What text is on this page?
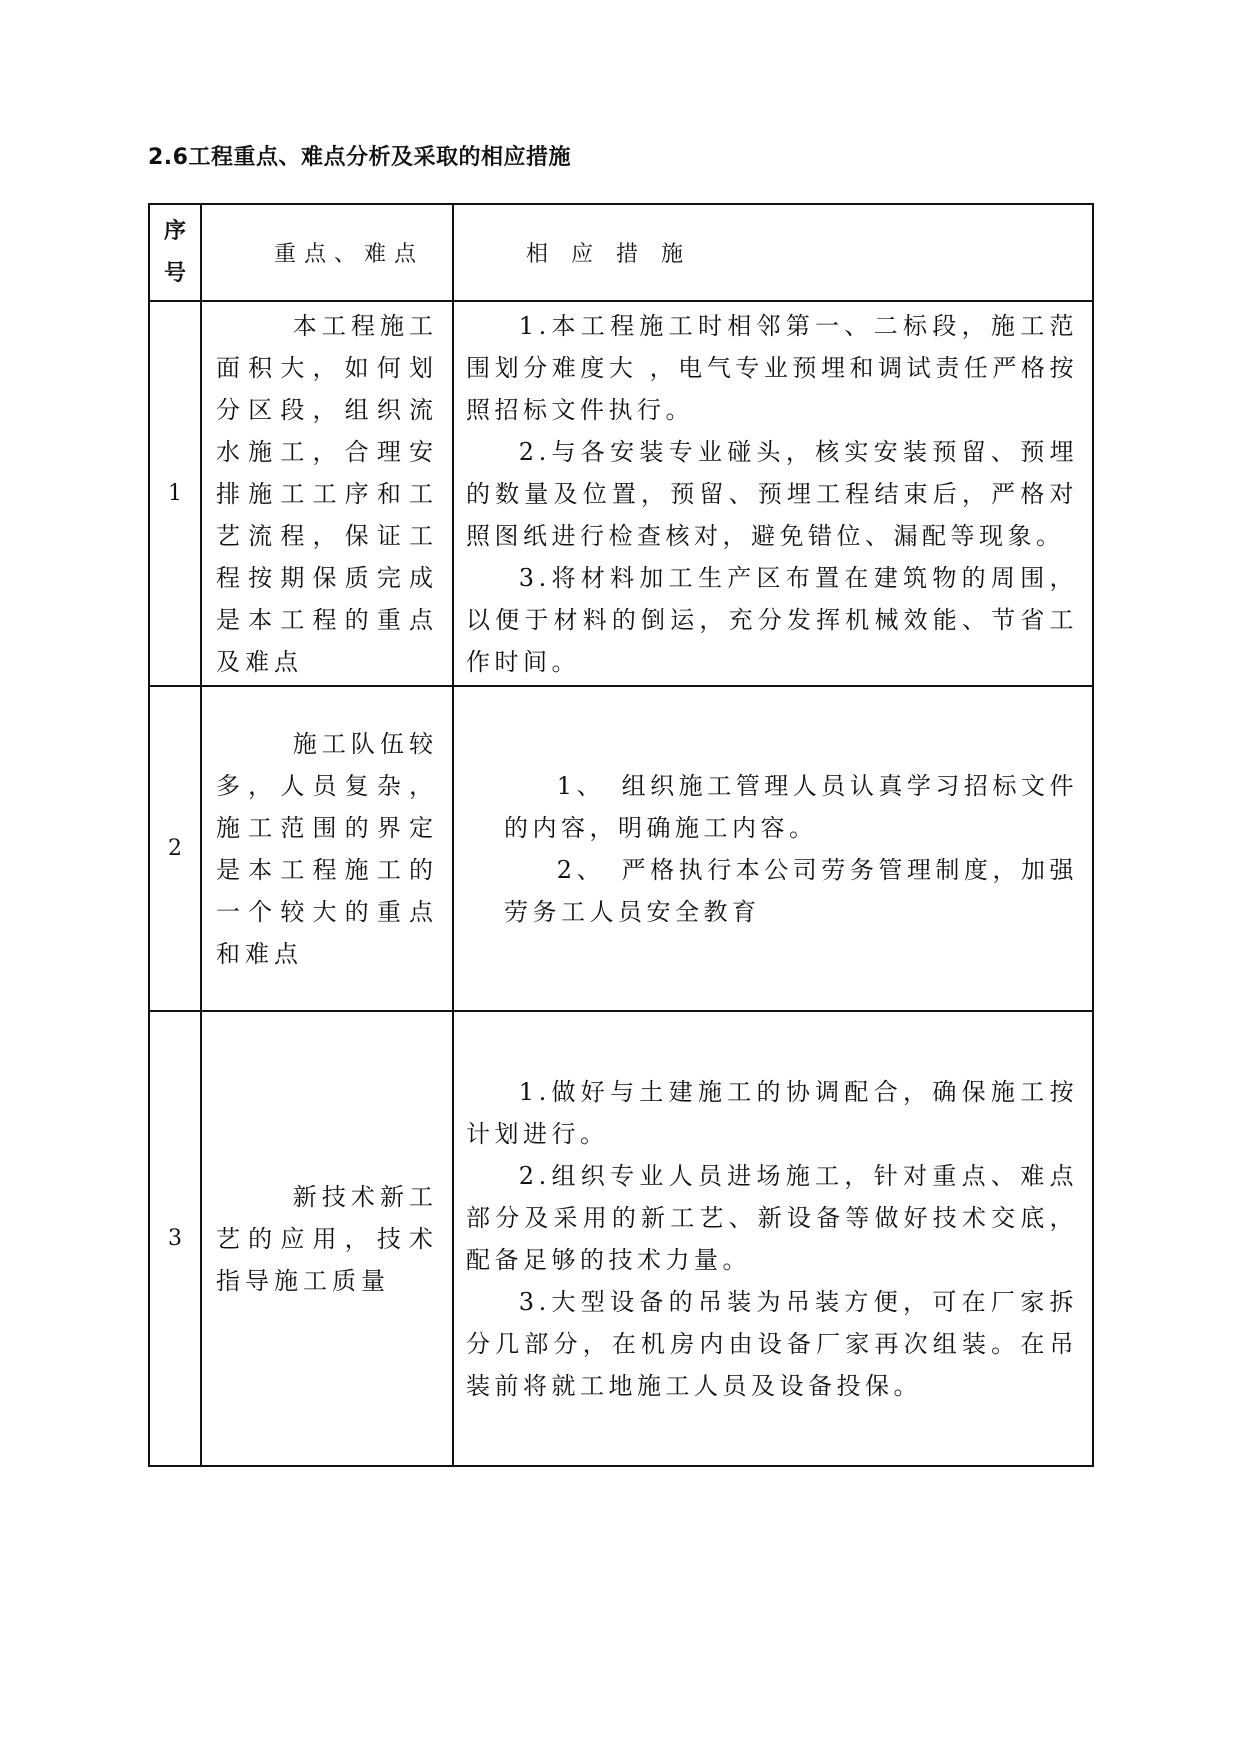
2.6工程重点、难点分析及采取的相应措施
序
号	重点、难点	相 应 措 施

1	本工程施工面积大，如何划分区段，组织流水施工，合理安排施工工序和工艺流程，保证工程按期保质完成是本工程的重点及难点	1.本工程施工时相邻第一、二标段，施工范围划分难度大 ，电气专业预埋和调试责任严格按照招标文件执行。

2.与各安装专业碰头，核实安装预留、预埋的数量及位置，预留、预埋工程结束后，严格对照图纸进行检查核对，避免错位、漏配等现象。

3.将材料加工生产区布置在建筑物的周围，以便于材料的倒运，充分发挥机械效能、节省工作时间。

2	施工队伍较多，人员复杂，施工范围的界定是本工程施工的一个较大的重点和难点	1、　组织施工管理人员认真学习招标文件的内容，明确施工内容。

2、　严格执行本公司劳务管理制度，加强劳务工人员安全教育

3	新技术新工艺的应用，技术指导施工质量	1.做好与土建施工的协调配合，确保施工按计划进行。

2.组织专业人员进场施工，针对重点、难点部分及采用的新工艺、新设备等做好技术交底，配备足够的技术力量。

3.大型设备的吊装为吊装方便，可在厂家拆分几部分，在机房内由设备厂家再次组装。在吊装前将就工地施工人员及设备投保。
